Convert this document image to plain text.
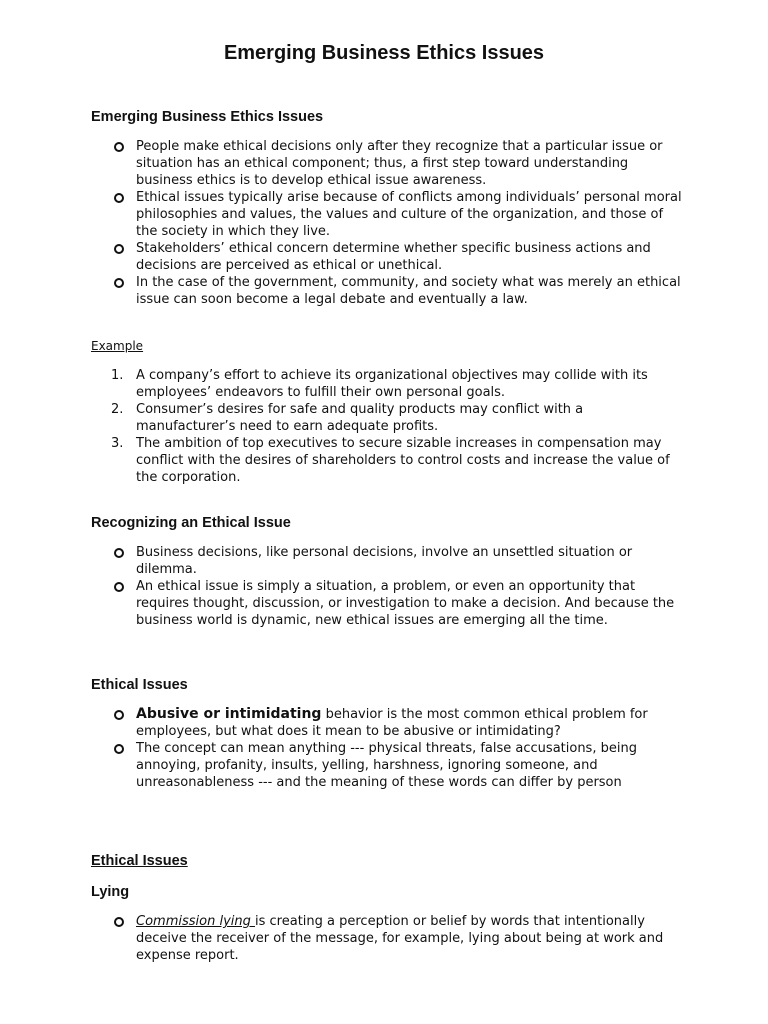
Emerging Business Ethics Issues
Emerging Business Ethics Issues
People make ethical decisions only after they recognize that a particular issue or situation has an ethical component; thus, a first step toward understanding business ethics is to develop ethical issue awareness.
Ethical issues typically arise because of conflicts among individuals’ personal moral philosophies and values, the values and culture of the organization, and those of the society in which they live.
Stakeholders’ ethical concern determine whether specific business actions and decisions are perceived as ethical or unethical.
In the case of the government, community, and society what was merely an ethical issue can soon become a legal debate and eventually a law.
Example
1. A company’s effort to achieve its organizational objectives may collide with its employees’ endeavors to fulfill their own personal goals.
2. Consumer’s desires for safe and quality products may conflict with a manufacturer’s need to earn adequate profits.
3. The ambition of top executives to secure sizable increases in compensation may conflict with the desires of shareholders to control costs and increase the value of the corporation.
Recognizing an Ethical Issue
Business decisions, like personal decisions, involve an unsettled situation or dilemma.
An ethical issue is simply a situation, a problem, or even an opportunity that requires thought, discussion, or investigation to make a decision. And because the business world is dynamic, new ethical issues are emerging all the time.
Ethical Issues
Abusive or intimidating behavior is the most common ethical problem for employees, but what does it mean to be abusive or intimidating?
The concept can mean anything --- physical threats, false accusations, being annoying, profanity, insults, yelling, harshness, ignoring someone, and unreasonableness --- and the meaning of these words can differ by person
Ethical Issues
Lying
Commission lying is creating a perception or belief by words that intentionally deceive the receiver of the message, for example, lying about being at work and expense report.
